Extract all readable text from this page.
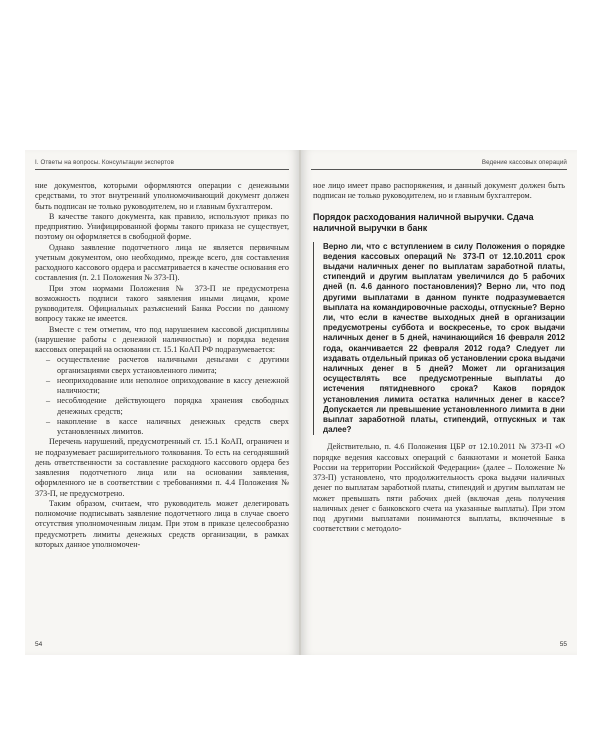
I. Ответы на вопросы. Консультации экспертов

ние документов, которыми оформляются операции с денежными средствами, то этот внутренний уполномочивающий документ должен быть подписан не только руководителем, но и главным бухгалтером.

В качестве такого документа, как правило, используют приказ по предприятию. Унифицированной формы такого приказа не существует, поэтому он оформляется в свободной форме.

Однако заявление подотчетного лица не является первичным учетным документом, оно необходимо, прежде всего, для составления расходного кассового ордера и рассматривается в качестве основания его составления (п. 2.1 Положения № 373-П).

При этом нормами Положения № 373-П не предусмотрена возможность подписи такого заявления иными лицами, кроме руководителя. Официальных разъяснений Банка России по данному вопросу также не имеется.

Вместе с тем отметим, что под нарушением кассовой дисциплины (нарушение работы с денежной наличностью) и порядка ведения кассовых операций на основании ст. 15.1 КоАП РФ подразумевается:

– осуществление расчетов наличными деньгами с другими организациями сверх установленного лимита;
– неоприходование или неполное оприходование в кассу денежной наличности;
– несоблюдение действующего порядка хранения свободных денежных средств;
– накопление в кассе наличных денежных средств сверх установленных лимитов.

Перечень нарушений, предусмотренный ст. 15.1 КоАП, ограничен и не подразумевает расширительного толкования. То есть на сегодняшний день ответственности за составление расходного кассового ордера без заявления подотчетного лица или на основании заявления, оформленного не в соответствии с требованиями п. 4.4 Положения № 373-П, не предусмотрено.

Таким образом, считаем, что руководитель может делегировать полномочие подписывать заявление подотчетного лица в случае своего отсутствия уполномоченным лицам. При этом в приказе целесообразно предусмотреть лимиты денежных средств организации, в рамках которых данное уполномочен-

54
Ведение кассовых операций

ное лицо имеет право распоряжения, и данный документ должен быть подписан не только руководителем, но и главным бухгалтером.

Порядок расходования наличной выручки. Сдача наличной выручки в банк
Верно ли, что с вступлением в силу Положения о порядке ведения кассовых операций № 373-П от 12.10.2011 срок выдачи наличных денег по выплатам заработной платы, стипендий и другим выплатам увеличился до 5 рабочих дней (п. 4.6 данного постановления)? Верно ли, что под другими выплатами в данном пункте подразумевается выплата на командировочные расходы, отпускные? Верно ли, что если в качестве выходных дней в организации предусмотрены суббота и воскресенье, то срок выдачи наличных денег в 5 дней, начинающийся 16 февраля 2012 года, оканчивается 22 февраля 2012 года? Следует ли издавать отдельный приказ об установлении срока выдачи наличных денег в 5 дней? Может ли организация осуществлять все предусмотренные выплаты до истечения пятидневного срока? Каков порядок установления лимита остатка наличных денег в кассе? Допускается ли превышение установленного лимита в дни выплат заработной платы, стипендий, отпускных и так далее?

Действительно, п. 4.6 Положения ЦБР от 12.10.2011 № 373-П «О порядке ведения кассовых операций с банкнотами и монетой Банка России на территории Российской Федерации» (далее – Положение № 373-П) установлено, что продолжительность срока выдачи наличных денег по выплатам заработной платы, стипендий и другим выплатам не может превышать пяти рабочих дней (включая день получения наличных денег с банковского счета на указанные выплаты). При этом под другими выплатами понимаются выплаты, включенные в соответствии с методоло-

55
